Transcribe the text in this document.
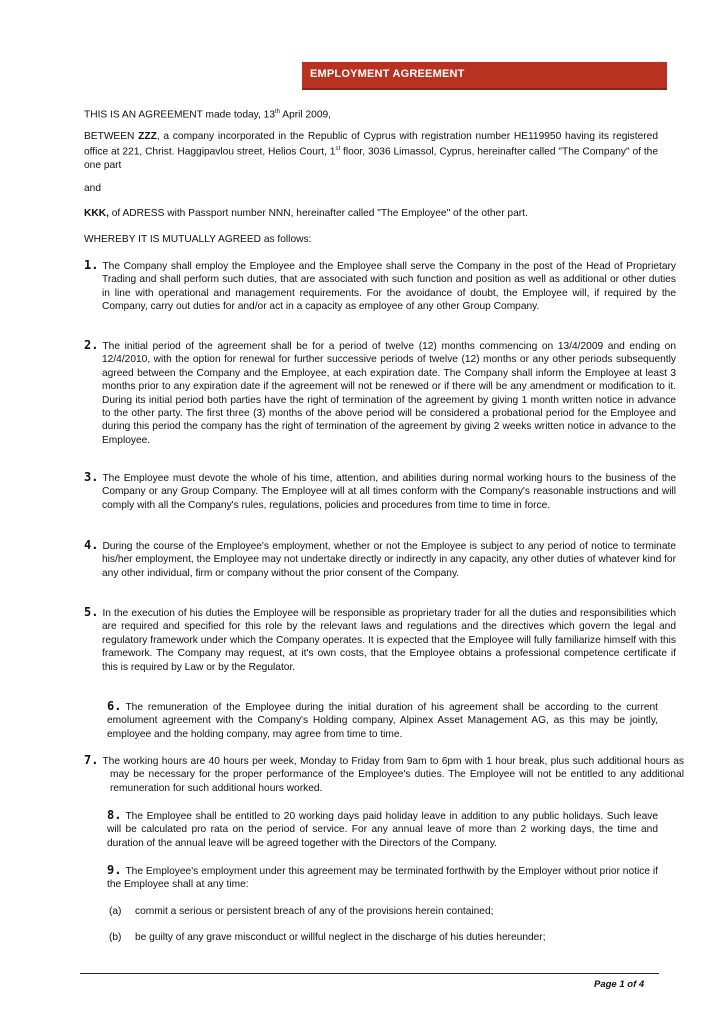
EMPLOYMENT AGREEMENT

THIS IS AN AGREEMENT made today, 13th April 2009,

BETWEEN ZZZ, a company incorporated in the Republic of Cyprus with registration number HE119950 having its registered office at 221, Christ. Haggipavlou street, Helios Court, 1st floor, 3036 Limassol, Cyprus, hereinafter called "The Company" of the one part

and

KKK, of ADRESS with Passport number NNN, hereinafter called "The Employee" of the other part.

WHEREBY IT IS MUTUALLY AGREED as follows:

1. The Company shall employ the Employee and the Employee shall serve the Company in the post of the Head of Proprietary Trading and shall perform such duties, that are associated with such function and position as well as additional or other duties in line with operational and management requirements. For the avoidance of doubt, the Employee will, if required by the Company, carry out duties for and/or act in a capacity as employee of any other Group Company.

2. The initial period of the agreement shall be for a period of twelve (12) months commencing on 13/4/2009 and ending on 12/4/2010, with the option for renewal for further successive periods of twelve (12) months or any other periods subsequently agreed between the Company and the Employee, at each expiration date. The Company shall inform the Employee at least 3 months prior to any expiration date if the agreement will not be renewed or if there will be any amendment or modification to it. During its initial period both parties have the right of termination of the agreement by giving 1 month written notice in advance to the other party. The first three (3) months of the above period will be considered a probational period for the Employee and during this period the company has the right of termination of the agreement by giving 2 weeks written notice in advance to the Employee.

3. The Employee must devote the whole of his time, attention, and abilities during normal working hours to the business of the Company or any Group Company. The Employee will at all times conform with the Company's reasonable instructions and will comply with all the Company's rules, regulations, policies and procedures from time to time in force.

4. During the course of the Employee's employment, whether or not the Employee is subject to any period of notice to terminate his/her employment, the Employee may not undertake directly or indirectly in any capacity, any other duties of whatever kind for any other individual, firm or company without the prior consent of the Company.

5. In the execution of his duties the Employee will be responsible as proprietary trader for all the duties and responsibilities which are required and specified for this role by the relevant laws and regulations and the directives which govern the legal and regulatory framework under which the Company operates. It is expected that the Employee will fully familiarize himself with this framework. The Company may request, at it's own costs, that the Employee obtains a professional competence certificate if this is required by Law or by the Regulator.

6. The remuneration of the Employee during the initial duration of his agreement shall be according to the current emolument agreement with the Company's Holding company, Alpinex Asset Management AG, as this may be jointly, employee and the holding company, may agree from time to time.

7. The working hours are 40 hours per week, Monday to Friday from 9am to 6pm with 1 hour break, plus such additional hours as may be necessary for the proper performance of the Employee's duties. The Employee will not be entitled to any additional remuneration for such additional hours worked.

8. The Employee shall be entitled to 20 working days paid holiday leave in addition to any public holidays. Such leave will be calculated pro rata on the period of service. For any annual leave of more than 2 working days, the time and duration of the annual leave will be agreed together with the Directors of the Company.

9. The Employee's employment under this agreement may be terminated forthwith by the Employer without prior notice if the Employee shall at any time:

(a) commit a serious or persistent breach of any of the provisions herein contained;

(b) be guilty of any grave misconduct or willful neglect in the discharge of his duties hereunder;

Page 1 of 4
